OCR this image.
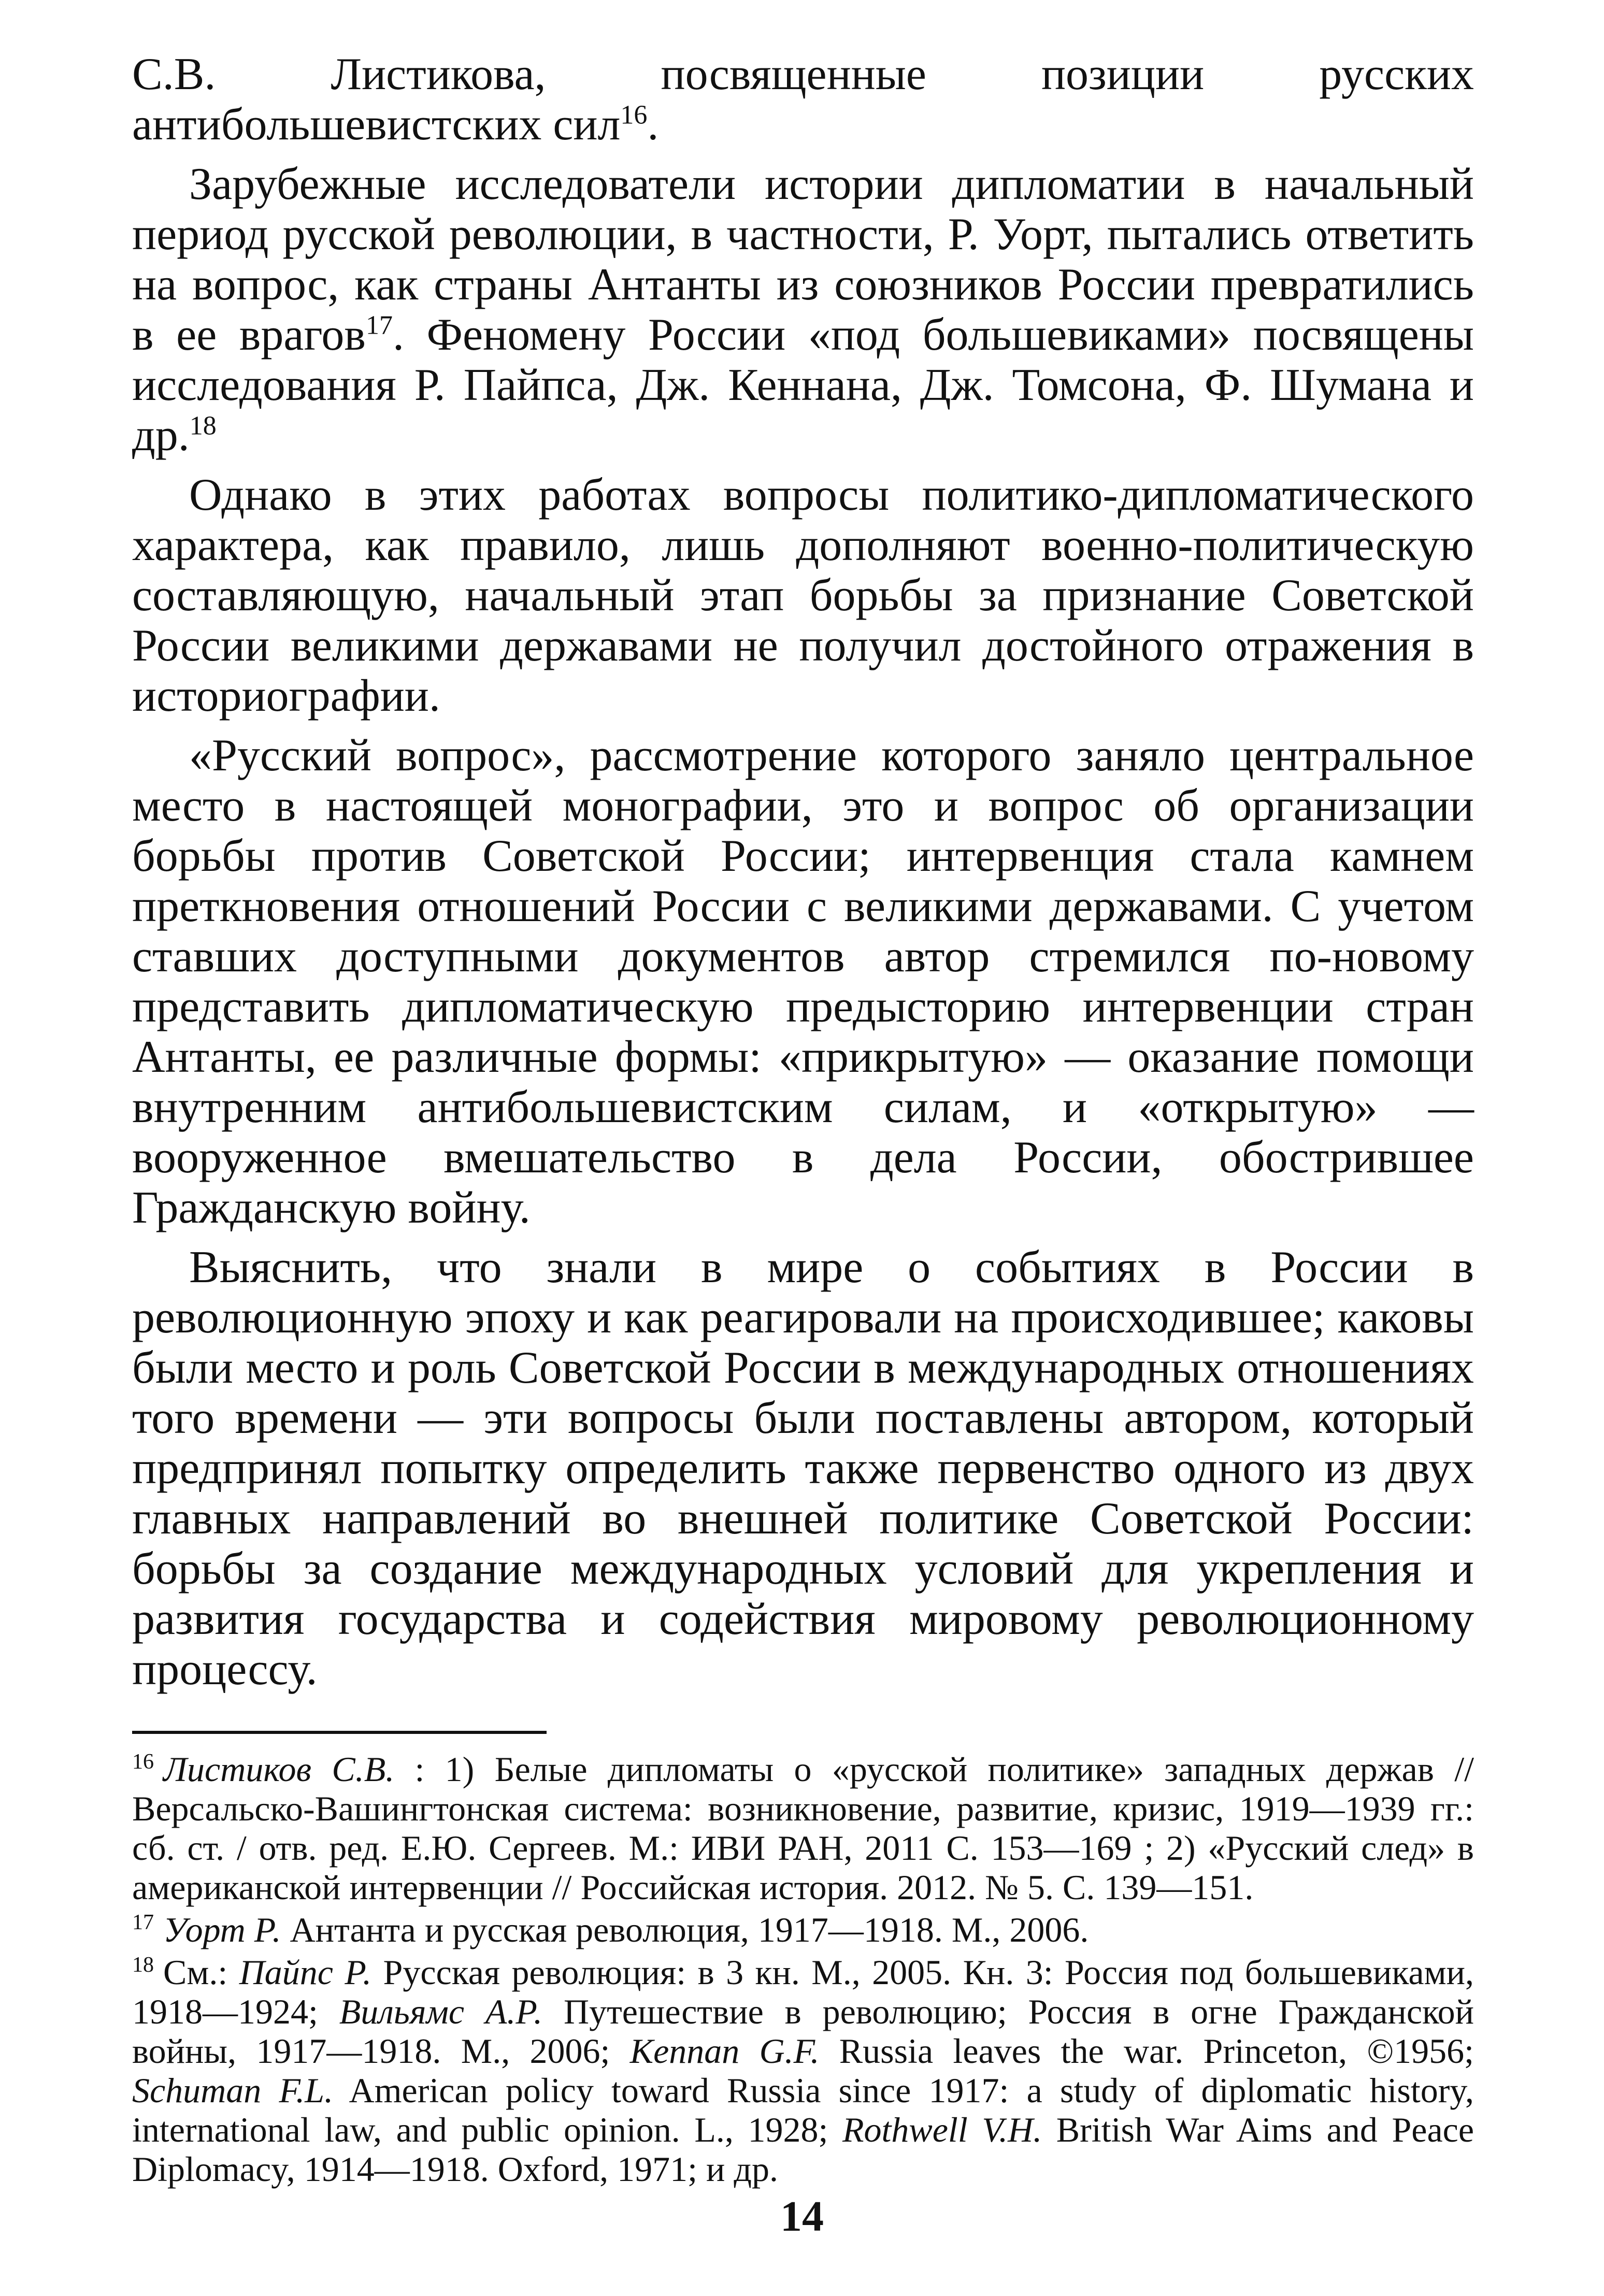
С.В. Листикова, посвященные позиции русских антибольшевистских сил$^{16}$.

Зарубежные исследователи истории дипломатии в начальный период русской революции, в частности, Р. Уорт, пытались ответить на вопрос, как страны Антанты из союзников России превратились в ее врагов$^{17}$. Феномену России «под большевиками» посвящены исследования Р. Пайпса, Дж. Кеннана, Дж. Томсона, Ф. Шумана и др.$^{18}$

Однако в этих работах вопросы политико-дипломатического характера, как правило, лишь дополняют военно-политическую составляющую, начальный этап борьбы за признание Советской России великими державами не получил достойного отражения в историографии.

«Русский вопрос», рассмотрение которого заняло центральное место в настоящей монографии, это и вопрос об организации борьбы против Советской России; интервенция стала камнем преткновения отношений России с великими державами. С учетом ставших доступными документов автор стремился по-новому представить дипломатическую предысторию интервенции стран Антанты, ее различные формы: «прикрытую» — оказание помощи внутренним антибольшевистским силам, и «открытую» — вооруженное вмешательство в дела России, обострившее Гражданскую войну.

Выяснить, что знали в мире о событиях в России в революционную эпоху и как реагировали на происходившее; каковы были место и роль Советской России в международных отношениях того времени — эти вопросы были поставлены автором, который предпринял попытку определить также первенство одного из двух главных направлений во внешней политике Советской России: борьбы за создание международных условий для укрепления и развития государства и содействия мировому революционному процессу.

$^{16}$ Листиков С.В. : 1) Белые дипломаты о «русской политике» западных держав // Версальско-Вашингтонская система: возникновение, развитие, кризис, 1919—1939 гг.: сб. ст. / отв. ред. Е.Ю. Сергеев. М.: ИВИ РАН, 2011 С. 153—169 ; 2) «Русский след» в американской интервенции // Российская история. 2012. № 5. С. 139—151.

$^{17}$ Уорт Р. Антанта и русская революция, 1917—1918. М., 2006.

$^{18}$ См.: Пайпс Р. Русская революция: в 3 кн. М., 2005. Кн. 3: Россия под большевиками, 1918—1924; Вильямс А.Р. Путешествие в революцию; Россия в огне Гражданской войны, 1917—1918. М., 2006; Kennan G.F. Russia leaves the war. Princeton, ©1956; Schuman F.L. American policy toward Russia since 1917: a study of diplomatic history, international law, and public opinion. L., 1928; Rothwell V.H. British War Aims and Peace Diplomacy, 1914—1918. Oxford, 1971; и др.

14
